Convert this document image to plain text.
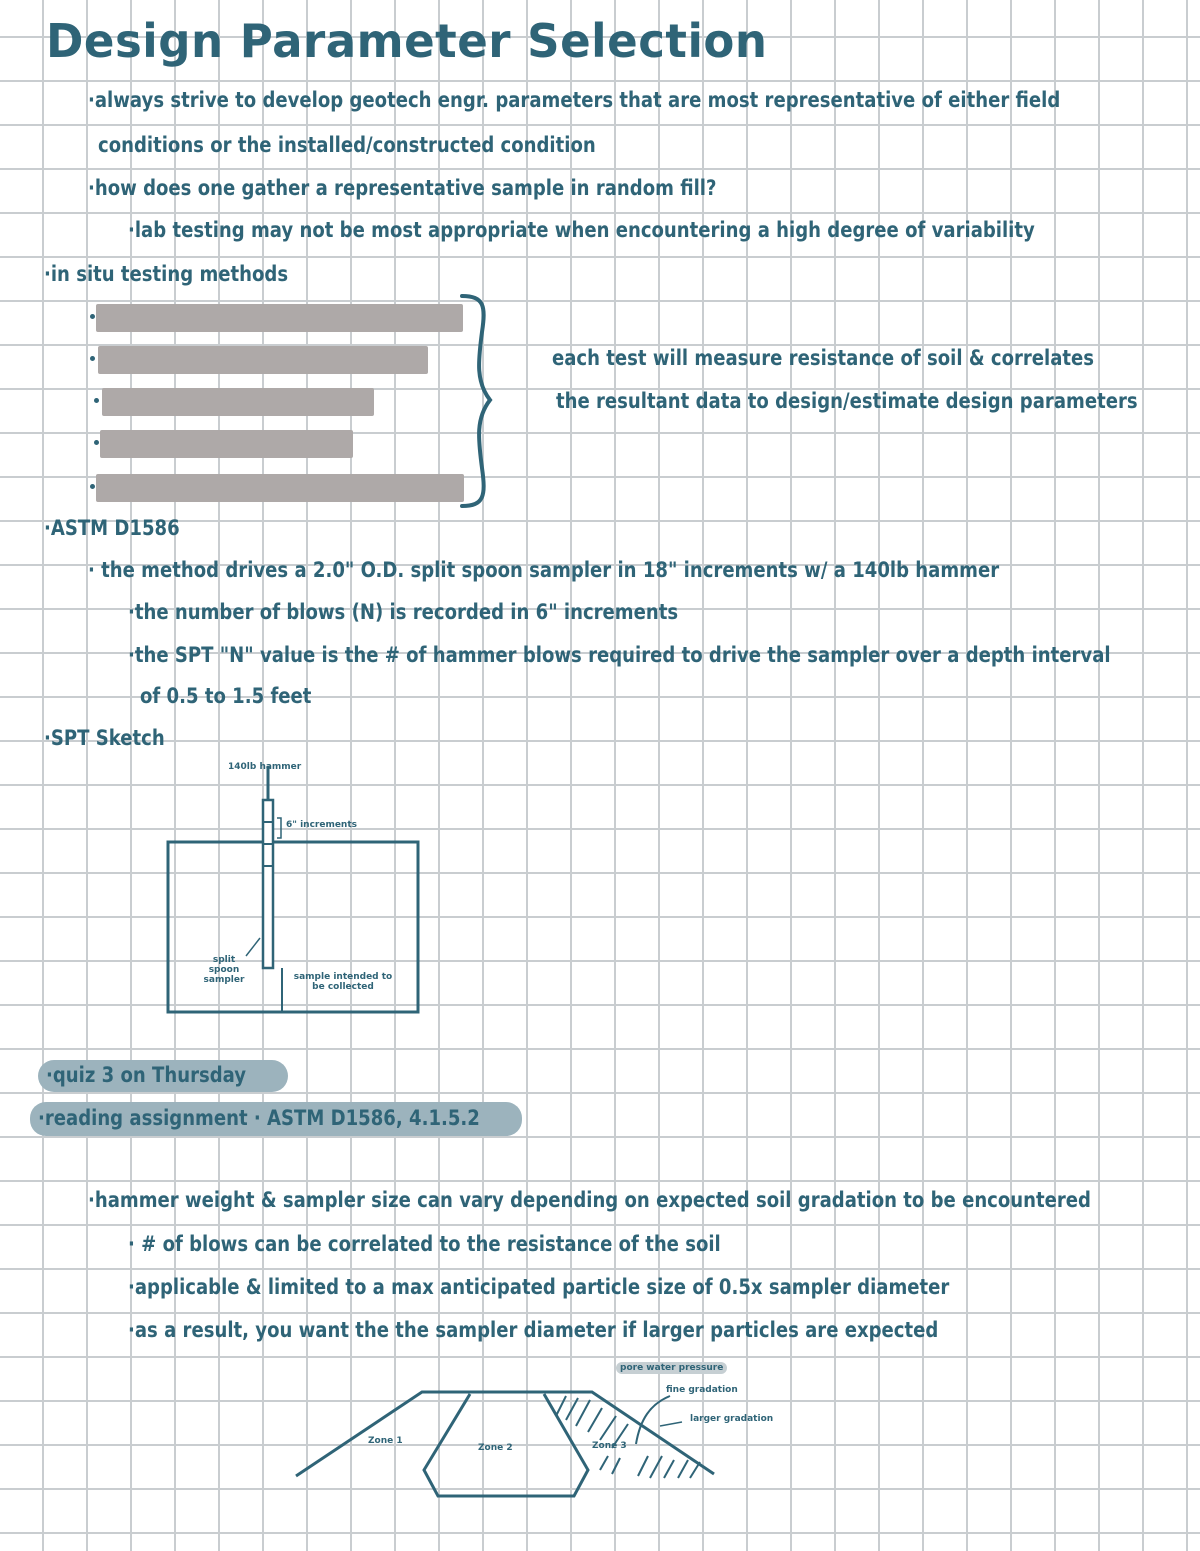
Design Parameter Selection
·always strive to develop geotech engr. parameters that are most representative of either field
conditions or the installed/constructed condition
·how does one gather a representative sample in random fill?
·lab testing may not be most appropriate when encountering a high degree of variability
·in situ testing methods
each test will measure resistance of soil & correlates
the resultant data to design/estimate design parameters
·ASTM D1586
· the method drives a 2.0" O.D. split spoon sampler in 18" increments w/ a 140lb hammer
·the number of blows (N) is recorded in 6" increments
·the SPT "N" value is the # of hammer blows required to drive the sampler over a depth interval
of 0.5 to 1.5 feet
·SPT Sketch
140lb hammer
6" increments
split spoon sampler	sample intended to be collected
·quiz 3 on Thursday
·reading assignment · ASTM D1586, 4.1.5.2
·hammer weight & sampler size can vary depending on expected soil gradation to be encountered
· # of blows can be correlated to the resistance of the soil
·applicable & limited to a max anticipated particle size of 0.5x sampler diameter
·as a result, you want the the sampler diameter if larger particles are expected
pore water pressure
fine gradation
larger gradation
Zone 1
Zone 2	Zone 3
